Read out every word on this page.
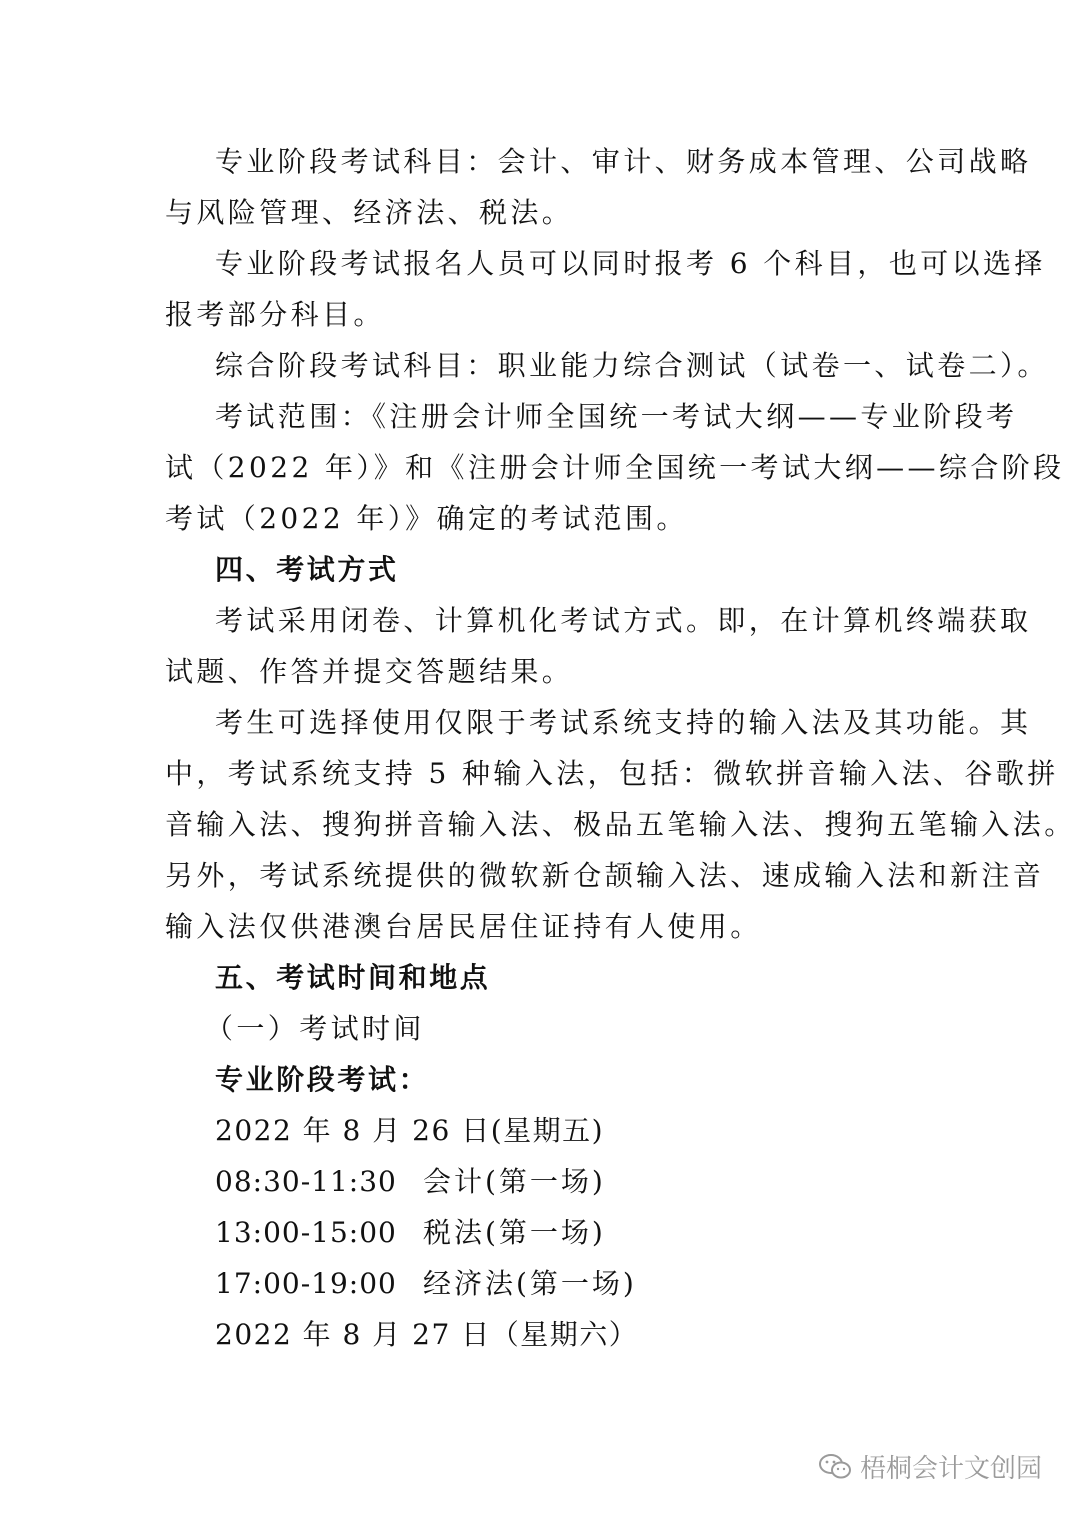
专业阶段考试科目：会计、审计、财务成本管理、公司战略
与风险管理、经济法、税法。
专业阶段考试报名人员可以同时报考 6 个科目，也可以选择
报考部分科目。
综合阶段考试科目：职业能力综合测试（试卷一、试卷二）。
考试范围：《注册会计师全国统一考试大纲——专业阶段考
试（2022 年）》和《注册会计师全国统一考试大纲——综合阶段
考试（2022 年）》确定的考试范围。
四、考试方式
考试采用闭卷、计算机化考试方式。即，在计算机终端获取
试题、作答并提交答题结果。
考生可选择使用仅限于考试系统支持的输入法及其功能。其
中，考试系统支持 5 种输入法，包括：微软拼音输入法、谷歌拼
音输入法、搜狗拼音输入法、极品五笔输入法、搜狗五笔输入法。
另外，考试系统提供的微软新仓颉输入法、速成输入法和新注音
输入法仅供港澳台居民居住证持有人使用。
五、考试时间和地点
（一）考试时间
专业阶段考试：
2022 年 8 月 26 日(星期五)
08:30-11:30 会计(第一场)
13:00-15:00 税法(第一场)
17:00-19:00 经济法(第一场)
2022 年 8 月 27 日（星期六）
梧桐会计文创园
